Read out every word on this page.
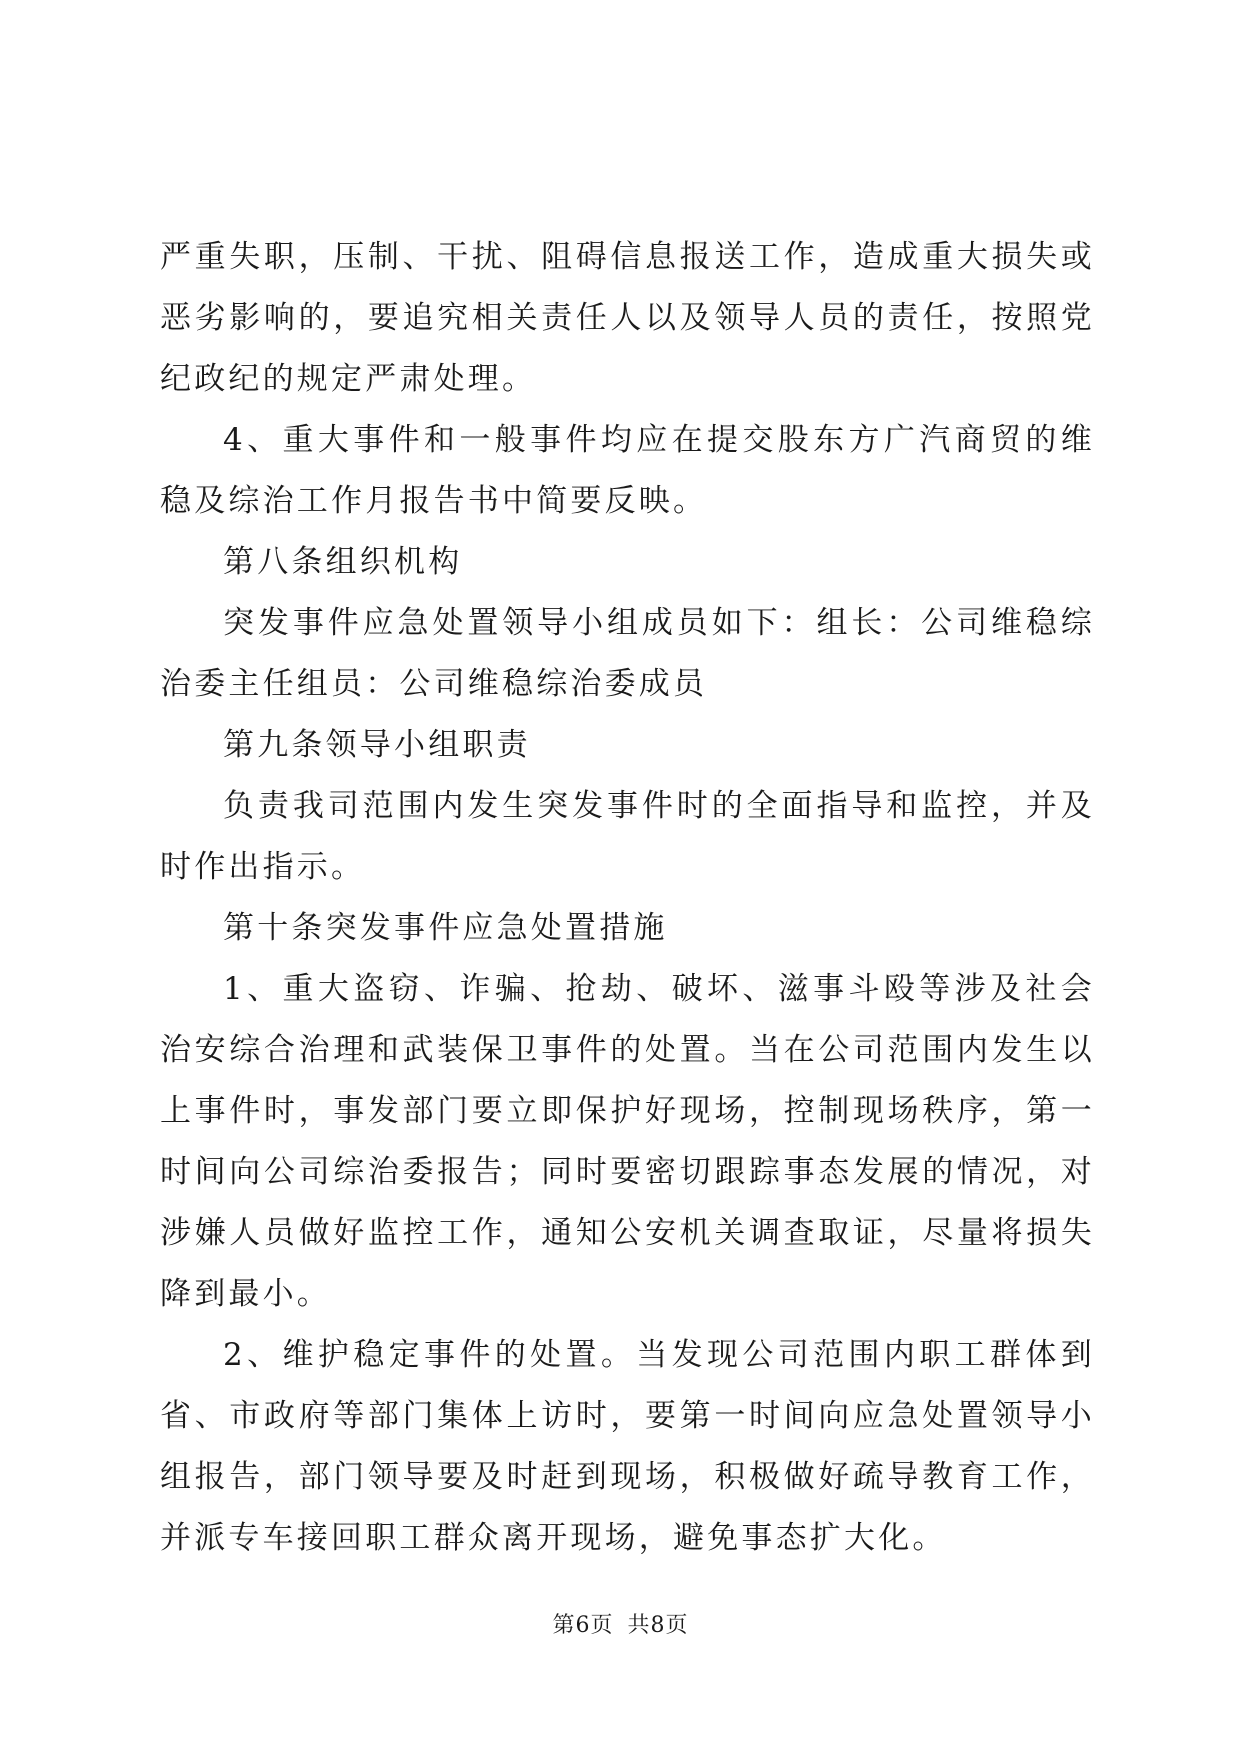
严重失职，压制、干扰、阻碍信息报送工作，造成重大损失或恶劣影响的，要追究相关责任人以及领导人员的责任，按照党纪政纪的规定严肃处理。

4、重大事件和一般事件均应在提交股东方广汽商贸的维稳及综治工作月报告书中简要反映。

第八条组织机构

突发事件应急处置领导小组成员如下：组长：公司维稳综治委主任组员：公司维稳综治委成员

第九条领导小组职责

负责我司范围内发生突发事件时的全面指导和监控，并及时作出指示。

第十条突发事件应急处置措施

1、重大盗窃、诈骗、抢劫、破坏、滋事斗殴等涉及社会治安综合治理和武装保卫事件的处置。当在公司范围内发生以上事件时，事发部门要立即保护好现场，控制现场秩序，第一时间向公司综治委报告；同时要密切跟踪事态发展的情况，对涉嫌人员做好监控工作，通知公安机关调查取证，尽量将损失降到最小。

2、维护稳定事件的处置。当发现公司范围内职工群体到省、市政府等部门集体上访时，要第一时间向应急处置领导小组报告，部门领导要及时赶到现场，积极做好疏导教育工作，并派专车接回职工群众离开现场，避免事态扩大化。

第6页 共8页
